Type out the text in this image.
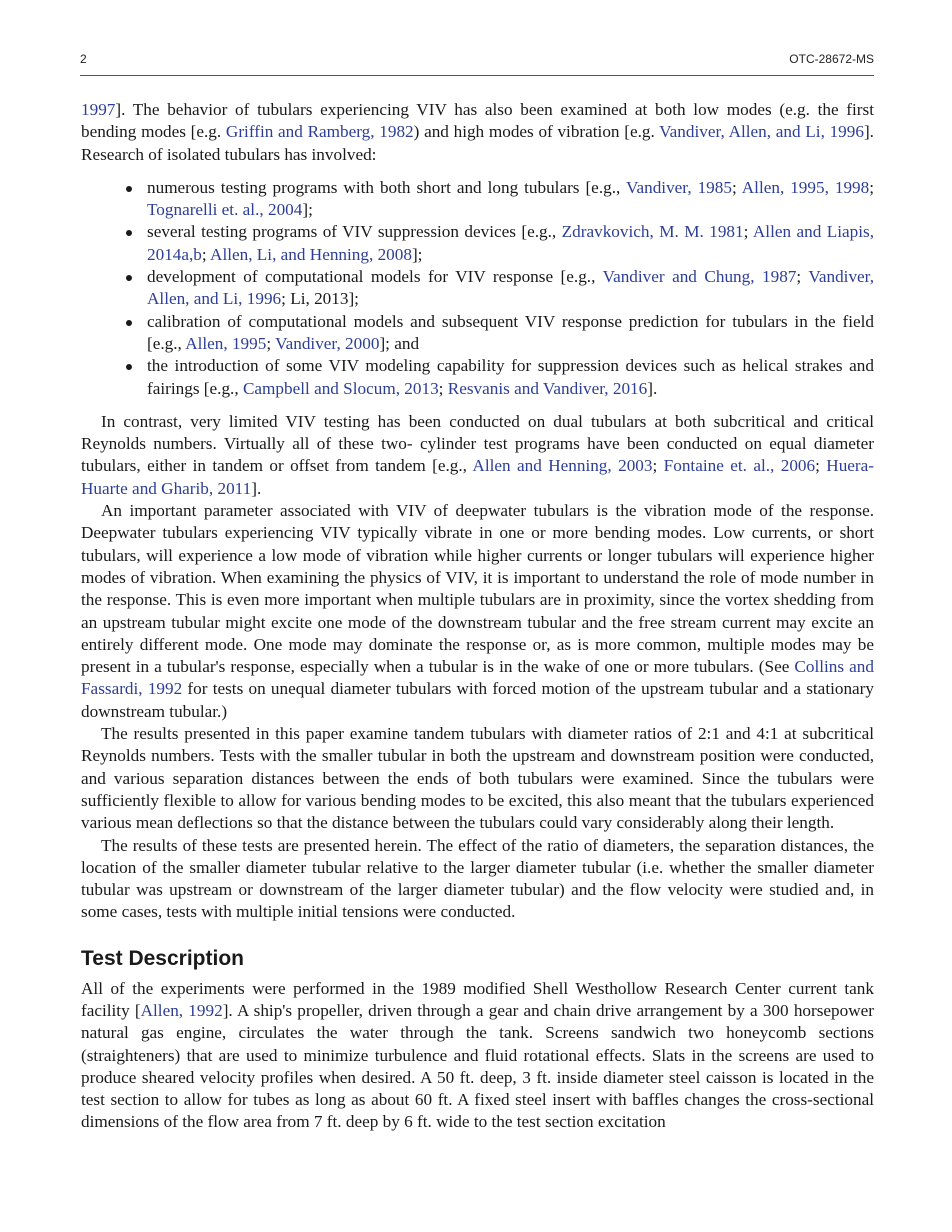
2	OTC-28672-MS

1997]. The behavior of tubulars experiencing VIV has also been examined at both low modes (e.g. the first bending modes [e.g. Griffin and Ramberg, 1982) and high modes of vibration [e.g. Vandiver, Allen, and Li, 1996]. Research of isolated tubulars has involved:

numerous testing programs with both short and long tubulars [e.g., Vandiver, 1985; Allen, 1995, 1998; Tognarelli et. al., 2004];
several testing programs of VIV suppression devices [e.g., Zdravkovich, M. M. 1981; Allen and Liapis, 2014a,b; Allen, Li, and Henning, 2008];
development of computational models for VIV response [e.g., Vandiver and Chung, 1987; Vandiver, Allen, and Li, 1996; Li, 2013];
calibration of computational models and subsequent VIV response prediction for tubulars in the field [e.g., Allen, 1995; Vandiver, 2000]; and
the introduction of some VIV modeling capability for suppression devices such as helical strakes and fairings [e.g., Campbell and Slocum, 2013; Resvanis and Vandiver, 2016].

In contrast, very limited VIV testing has been conducted on dual tubulars at both subcritical and critical Reynolds numbers. Virtually all of these two- cylinder test programs have been conducted on equal diameter tubulars, either in tandem or offset from tandem [e.g., Allen and Henning, 2003; Fontaine et. al., 2006; Huera-Huarte and Gharib, 2011].

An important parameter associated with VIV of deepwater tubulars is the vibration mode of the response. Deepwater tubulars experiencing VIV typically vibrate in one or more bending modes. Low currents, or short tubulars, will experience a low mode of vibration while higher currents or longer tubulars will experience higher modes of vibration. When examining the physics of VIV, it is important to understand the role of mode number in the response. This is even more important when multiple tubulars are in proximity, since the vortex shedding from an upstream tubular might excite one mode of the downstream tubular and the free stream current may excite an entirely different mode. One mode may dominate the response or, as is more common, multiple modes may be present in a tubular's response, especially when a tubular is in the wake of one or more tubulars. (See Collins and Fassardi, 1992 for tests on unequal diameter tubulars with forced motion of the upstream tubular and a stationary downstream tubular.)

The results presented in this paper examine tandem tubulars with diameter ratios of 2:1 and 4:1 at subcritical Reynolds numbers. Tests with the smaller tubular in both the upstream and downstream position were conducted, and various separation distances between the ends of both tubulars were examined. Since the tubulars were sufficiently flexible to allow for various bending modes to be excited, this also meant that the tubulars experienced various mean deflections so that the distance between the tubulars could vary considerably along their length.

The results of these tests are presented herein. The effect of the ratio of diameters, the separation distances, the location of the smaller diameter tubular relative to the larger diameter tubular (i.e. whether the smaller diameter tubular was upstream or downstream of the larger diameter tubular) and the flow velocity were studied and, in some cases, tests with multiple initial tensions were conducted.

Test Description

All of the experiments were performed in the 1989 modified Shell Westhollow Research Center current tank facility [Allen, 1992]. A ship's propeller, driven through a gear and chain drive arrangement by a 300 horsepower natural gas engine, circulates the water through the tank. Screens sandwich two honeycomb sections (straighteners) that are used to minimize turbulence and fluid rotational effects. Slats in the screens are used to produce sheared velocity profiles when desired. A 50 ft. deep, 3 ft. inside diameter steel caisson is located in the test section to allow for tubes as long as about 60 ft. A fixed steel insert with baffles changes the cross-sectional dimensions of the flow area from 7 ft. deep by 6 ft. wide to the test section excitation
